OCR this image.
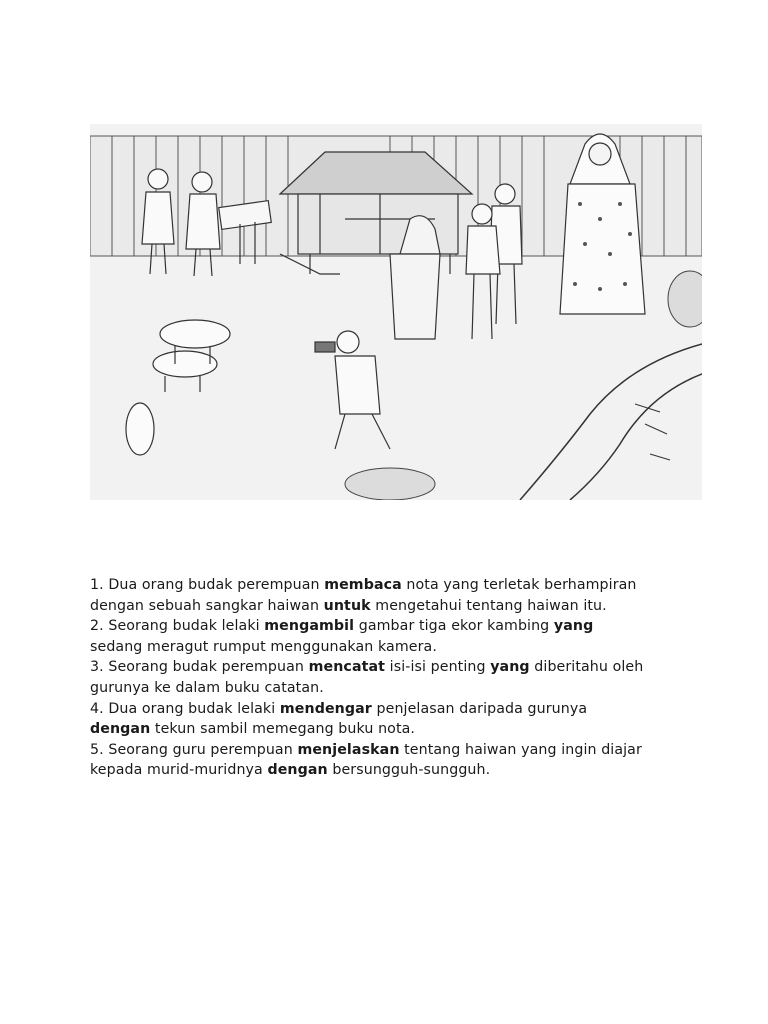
1. Dua orang budak perempuan membaca nota yang terletak berhampiran
dengan sebuah sangkar haiwan untuk mengetahui tentang haiwan itu.
2. Seorang budak lelaki mengambil gambar tiga ekor kambing yang
sedang meragut rumput menggunakan kamera.
3. Seorang budak perempuan mencatat isi-isi penting yang diberitahu oleh
gurunya ke dalam buku catatan.
4. Dua orang budak lelaki mendengar penjelasan daripada gurunya
dengan tekun sambil memegang buku nota.
5. Seorang guru perempuan menjelaskan tentang haiwan yang ingin diajar
kepada murid-muridnya dengan bersungguh-sungguh.
